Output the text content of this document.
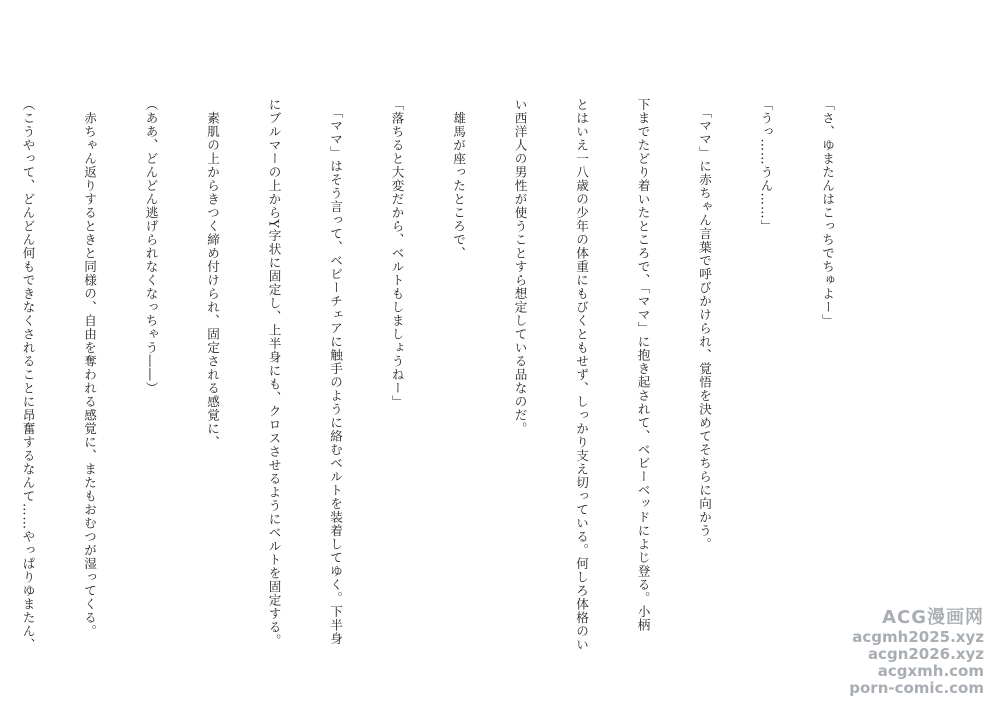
「さ、ゆまたんはこっちでちゅよー」

「うっ……うん……」

　「ママ」に赤ちゃん言葉で呼びかけられ、覚悟を決めてそちらに向かう。

下までたどり着いたところで、「ママ」に抱き起されて、ベビーベッドによじ登る。小柄

とはいえ一八歳の少年の体重にもびくともせず、しっかり支え切っている。何しろ体格のい

い西洋人の男性が使うことすら想定している品なのだ。

　雄馬が座ったところで、

「落ちると大変だから、ベルトもしましょうねー」

　「ママ」はそう言って、ベビーチェアに触手のように絡むベルトを装着してゆく。下半身

にブルマーの上からY字状に固定し、上半身にも、クロスさせるようにベルトを固定する。

　素肌の上からきつく締め付けられ、固定される感覚に、

（ああ、どんどん逃げられなくなっちゃう――）

　赤ちゃん返りするときと同様の、自由を奪われる感覚に、またもおむつが湿ってくる。

（こうやって、どんどん何もできなくされることに昂奮するなんて……やっぱりゆまたん、

	ACG漫画网
acgmh2025.xyz
acgn2026.xyz
acgxmh.com
porn-comic.com
